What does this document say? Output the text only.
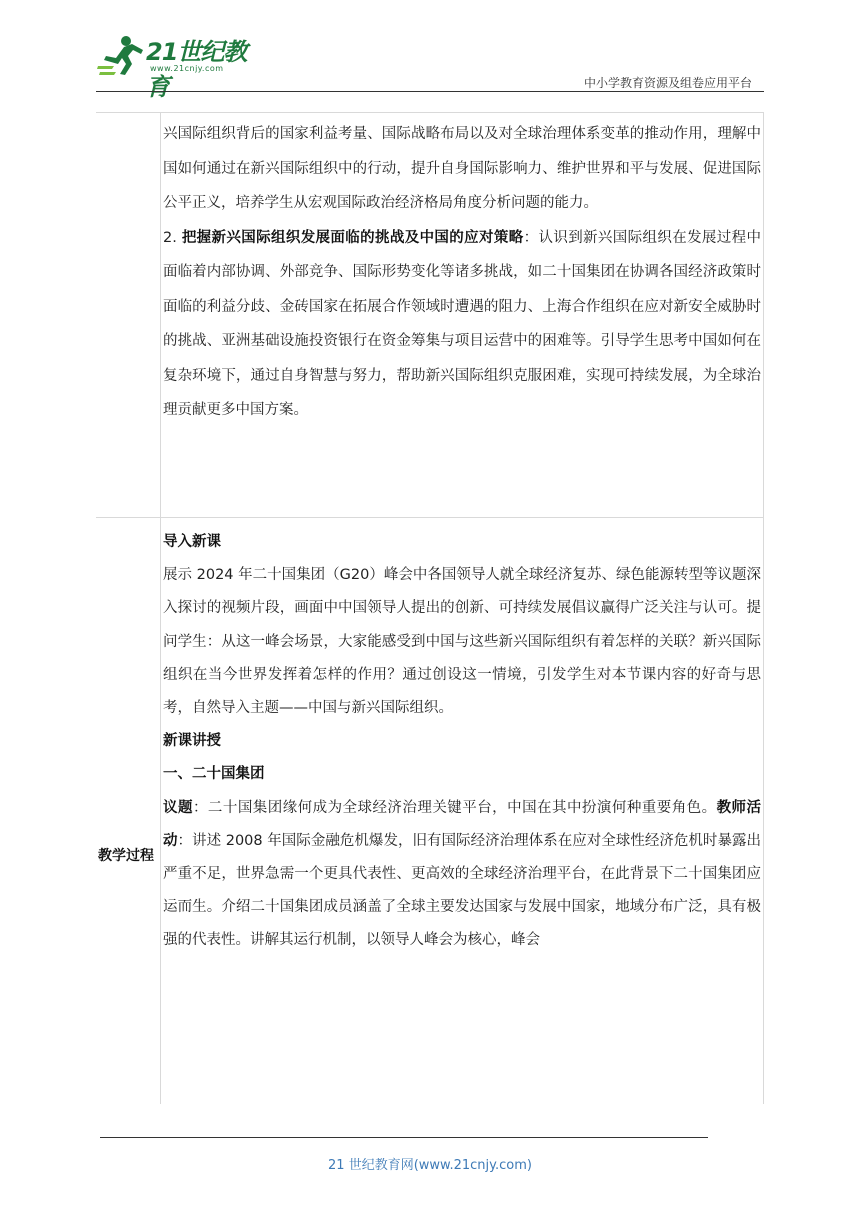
21世纪教育
www.21cnjy.com
中小学教育资源及组卷应用平台

兴国际组织背后的国家利益考量、国际战略布局以及对全球治理体系变革的推动作用，理解中国如何通过在新兴国际组织中的行动，提升自身国际影响力、维护世界和平与发展、促进国际公平正义，培养学生从宏观国际政治经济格局角度分析问题的能力。

2. 把握新兴国际组织发展面临的挑战及中国的应对策略：认识到新兴国际组织在发展过程中面临着内部协调、外部竞争、国际形势变化等诸多挑战，如二十国集团在协调各国经济政策时面临的利益分歧、金砖国家在拓展合作领域时遭遇的阻力、上海合作组织在应对新安全威胁时的挑战、亚洲基础设施投资银行在资金筹集与项目运营中的困难等。引导学生思考中国如何在复杂环境下，通过自身智慧与努力，帮助新兴国际组织克服困难，实现可持续发展，为全球治理贡献更多中国方案。

教学过程

导入新课

展示 2024 年二十国集团（G20）峰会中各国领导人就全球经济复苏、绿色能源转型等议题深入探讨的视频片段，画面中中国领导人提出的创新、可持续发展倡议赢得广泛关注与认可。提问学生：从这一峰会场景，大家能感受到中国与这些新兴国际组织有着怎样的关联？新兴国际组织在当今世界发挥着怎样的作用？通过创设这一情境，引发学生对本节课内容的好奇与思考，自然导入主题——中国与新兴国际组织。

新课讲授

一、二十国集团

议题：二十国集团缘何成为全球经济治理关键平台，中国在其中扮演何种重要角色。教师活动：讲述 2008 年国际金融危机爆发，旧有国际经济治理体系在应对全球性经济危机时暴露出严重不足，世界急需一个更具代表性、更高效的全球经济治理平台，在此背景下二十国集团应运而生。介绍二十国集团成员涵盖了全球主要发达国家与发展中国家，地域分布广泛，具有极强的代表性。讲解其运行机制，以领导人峰会为核心，峰会

21 世纪教育网(www.21cnjy.com)
